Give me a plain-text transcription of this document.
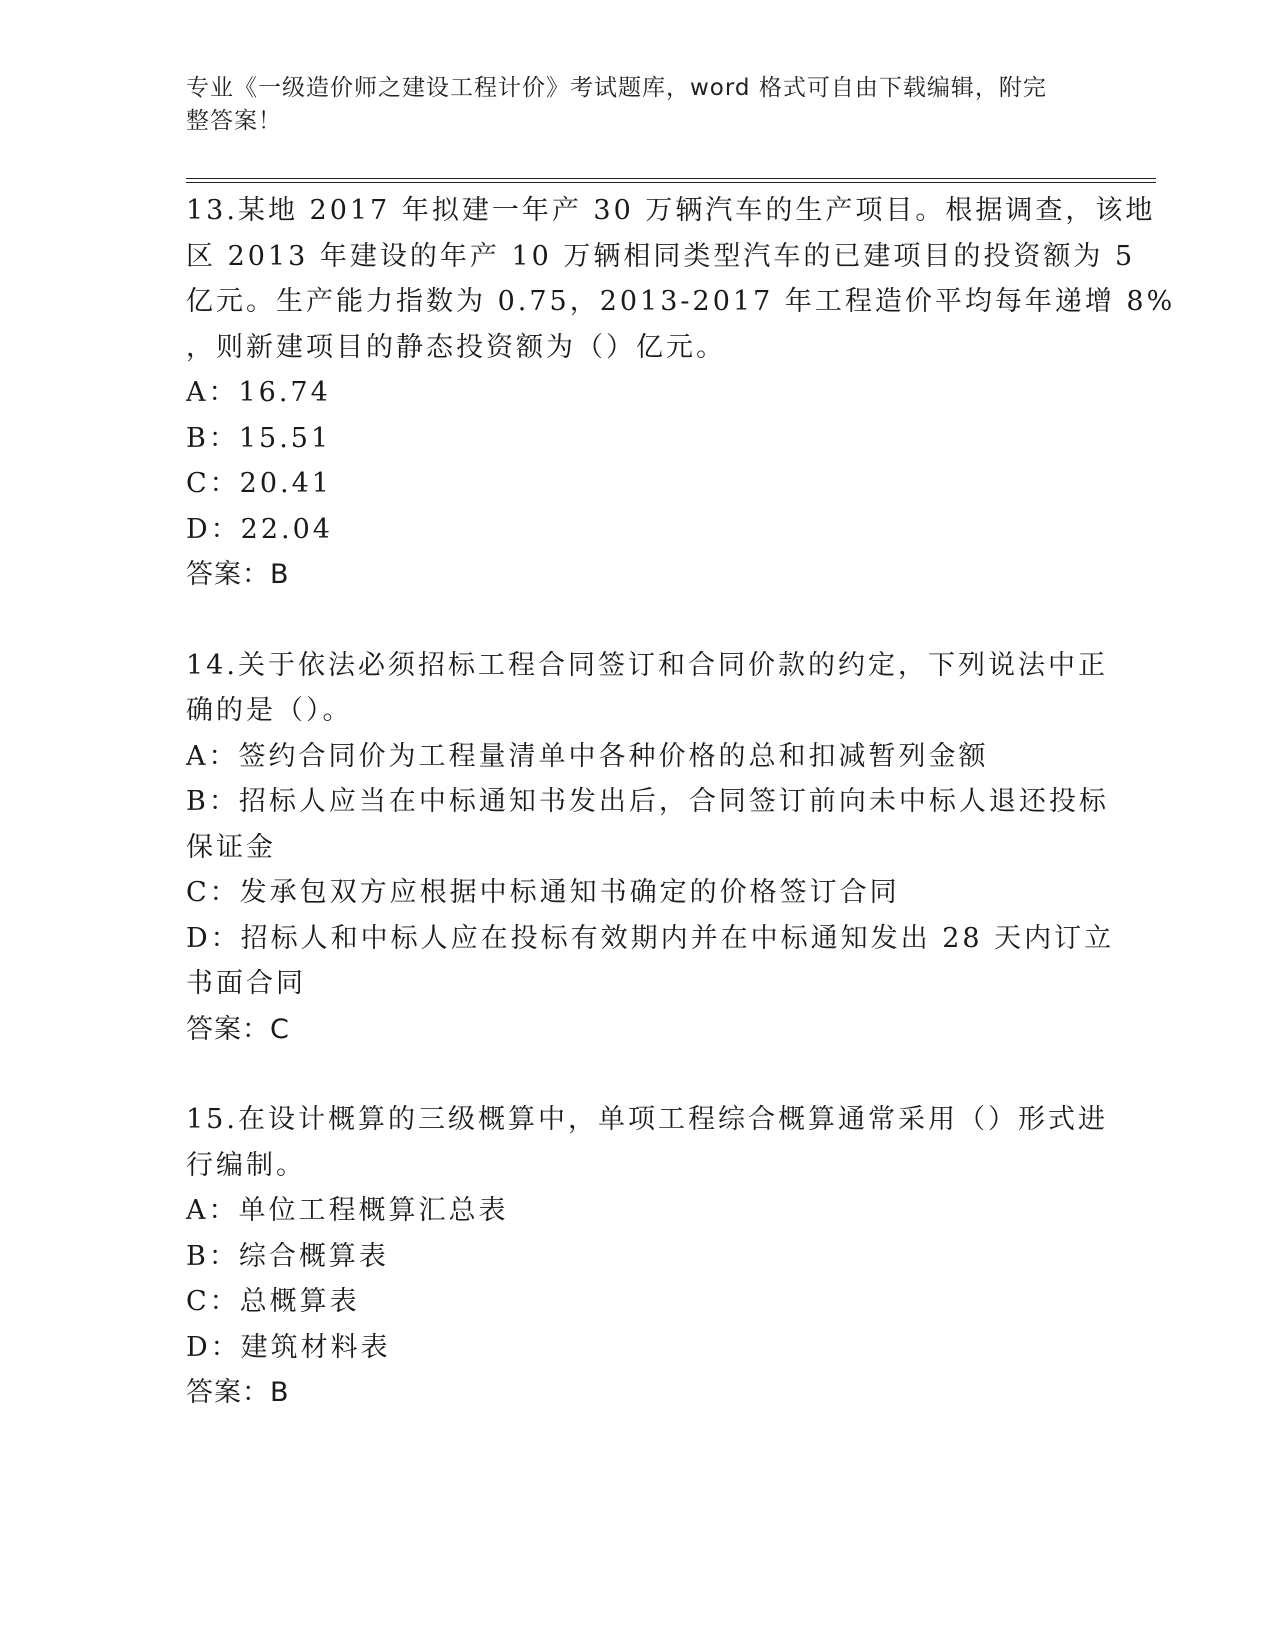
专业《一级造价师之建设工程计价》考试题库，word 格式可自由下载编辑，附完
整答案！
13.某地 2017 年拟建一年产 30 万辆汽车的生产项目。根据调查，该地
区 2013 年建设的年产 10 万辆相同类型汽车的已建项目的投资额为 5
亿元。生产能力指数为 0.75，2013-2017 年工程造价平均每年递增 8%
，则新建项目的静态投资额为（）亿元。
A：16.74
B：15.51
C：20.41
D：22.04
答案：B
14.关于依法必须招标工程合同签订和合同价款的约定，下列说法中正
确的是（）。
A：签约合同价为工程量清单中各种价格的总和扣减暂列金额
B：招标人应当在中标通知书发出后，合同签订前向未中标人退还投标
保证金
C：发承包双方应根据中标通知书确定的价格签订合同
D：招标人和中标人应在投标有效期内并在中标通知发出 28 天内订立
书面合同
答案：C
15.在设计概算的三级概算中，单项工程综合概算通常采用（）形式进
行编制。
A：单位工程概算汇总表
B：综合概算表
C：总概算表
D：建筑材料表
答案：B
